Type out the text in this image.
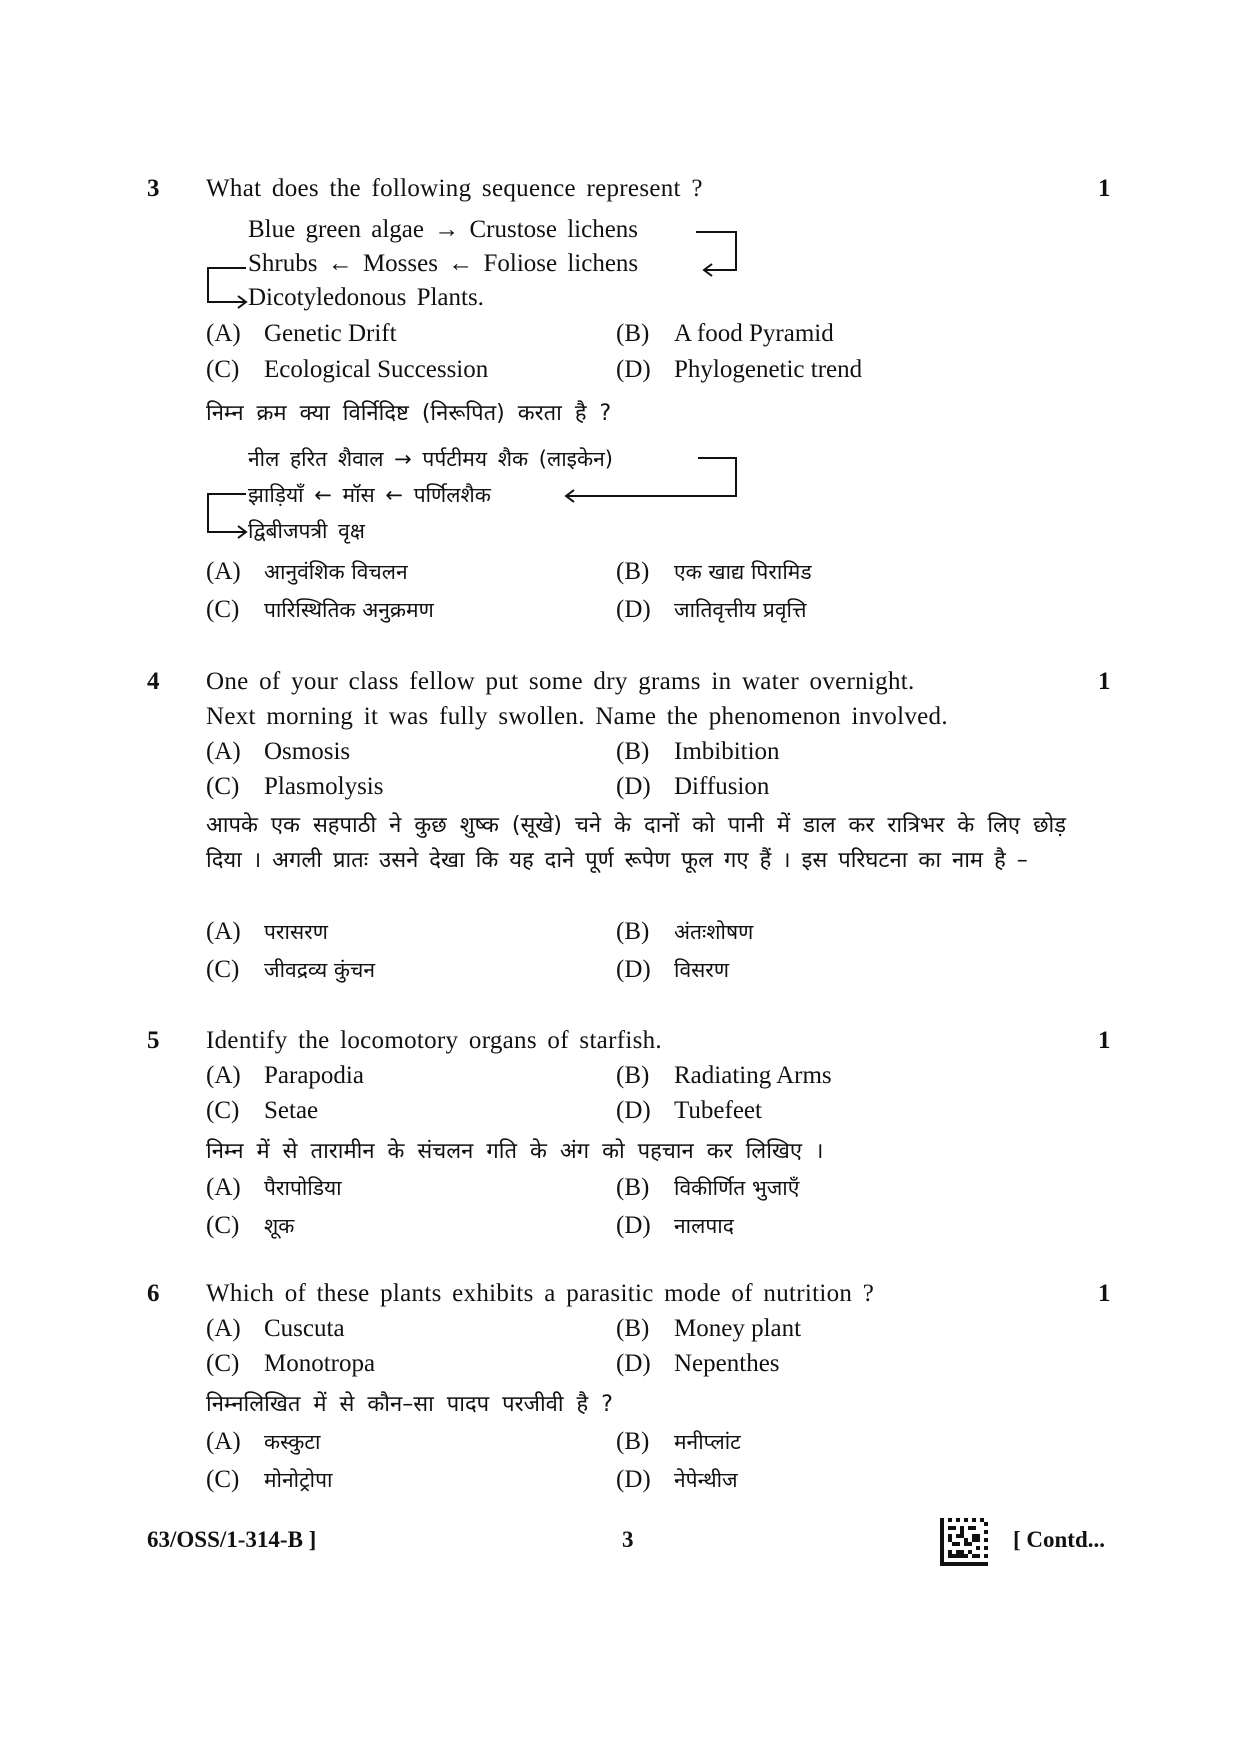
3 What does the following sequence represent ?	1
Blue green algae → Crustose lichens
Shrubs ← Mosses ← Foliose lichens
Dicotyledonous Plants.
(A) Genetic Drift	(B) A food Pyramid
(C) Ecological Succession	(D) Phylogenetic trend
निम्न क्रम क्या विर्निदिष्ट (निरूपित) करता है ?
नील हरित शैवाल → पर्पटीमय शैक (लाइकेन)
झाड़ियाँ ← मॉस ← पर्णिलशैक
द्विबीजपत्री वृक्ष
(A) आनुवंशिक विचलन	(B) एक खाद्य पिरामिड
(C) पारिस्थितिक अनुक्रमण	(D) जातिवृत्तीय प्रवृत्ति
4 One of your class fellow put some dry grams in water overnight.	1
Next morning it was fully swollen. Name the phenomenon involved.
(A) Osmosis	(B) Imbibition
(C) Plasmolysis	(D) Diffusion
आपके एक सहपाठी ने कुछ शुष्क (सूखे) चने के दानों को पानी में डाल कर रात्रिभर के लिए छोड़ दिया । अगली प्रातः उसने देखा कि यह दाने पूर्ण रूपेण फूल गए हैं । इस परिघटना का नाम है –
(A) परासरण	(B) अंतःशोषण
(C) जीवद्रव्य कुंचन	(D) विसरण
5 Identify the locomotory organs of starfish.	1
(A) Parapodia	(B) Radiating Arms
(C) Setae	(D) Tubefeet
निम्न में से तारामीन के संचलन गति के अंग को पहचान कर लिखिए ।
(A) पैरापोडिया	(B) विकीर्णित भुजाएँ
(C) शूक	(D) नालपाद
6 Which of these plants exhibits a parasitic mode of nutrition ?	1
(A) Cuscuta	(B) Money plant
(C) Monotropa	(D) Nepenthes
निम्नलिखित में से कौन–सा पादप परजीवी है ?
(A) कस्कुटा	(B) मनीप्लांट
(C) मोनोट्रोपा	(D) नेपेन्थीज
63/OSS/1-314-B ]	3	[ Contd...
